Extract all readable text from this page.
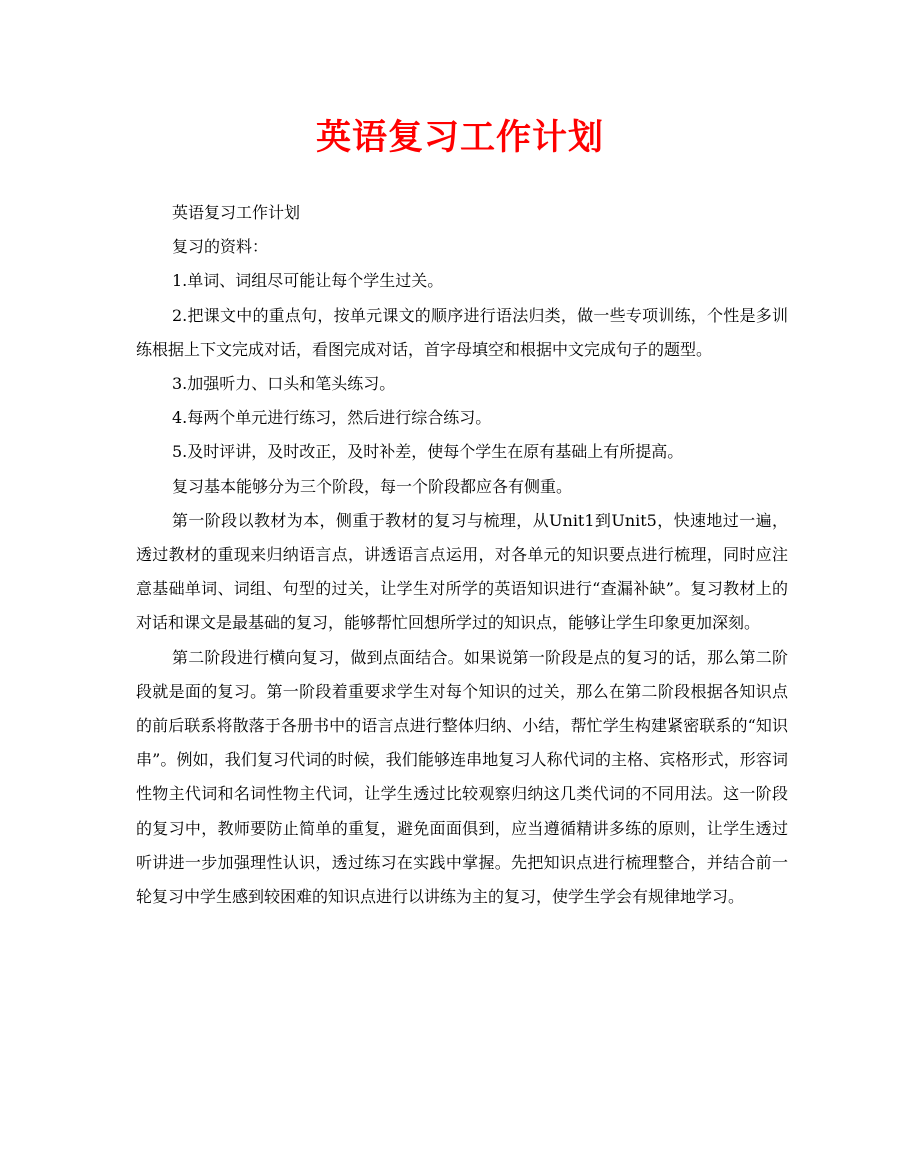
英语复习工作计划

英语复习工作计划

复习的资料：

1.单词、词组尽可能让每个学生过关。

2.把课文中的重点句，按单元课文的顺序进行语法归类，做一些专项训练，个性是多训练根据上下文完成对话，看图完成对话，首字母填空和根据中文完成句子的题型。

3.加强听力、口头和笔头练习。

4.每两个单元进行练习，然后进行综合练习。

5.及时评讲，及时改正，及时补差，使每个学生在原有基础上有所提高。

复习基本能够分为三个阶段，每一个阶段都应各有侧重。

第一阶段以教材为本，侧重于教材的复习与梳理，从Unit1到Unit5，快速地过一遍，透过教材的重现来归纳语言点，讲透语言点运用，对各单元的知识要点进行梳理，同时应注意基础单词、词组、句型的过关，让学生对所学的英语知识进行“查漏补缺”。复习教材上的对话和课文是最基础的复习，能够帮忙回想所学过的知识点，能够让学生印象更加深刻。

第二阶段进行横向复习，做到点面结合。如果说第一阶段是点的复习的话，那么第二阶段就是面的复习。第一阶段着重要求学生对每个知识的过关，那么在第二阶段根据各知识点的前后联系将散落于各册书中的语言点进行整体归纳、小结，帮忙学生构建紧密联系的“知识串”。例如，我们复习代词的时候，我们能够连串地复习人称代词的主格、宾格形式，形容词性物主代词和名词性物主代词，让学生透过比较观察归纳这几类代词的不同用法。这一阶段的复习中，教师要防止简单的重复，避免面面俱到，应当遵循精讲多练的原则，让学生透过听讲进一步加强理性认识，透过练习在实践中掌握。先把知识点进行梳理整合，并结合前一轮复习中学生感到较困难的知识点进行以讲练为主的复习，使学生学会有规律地学习。
